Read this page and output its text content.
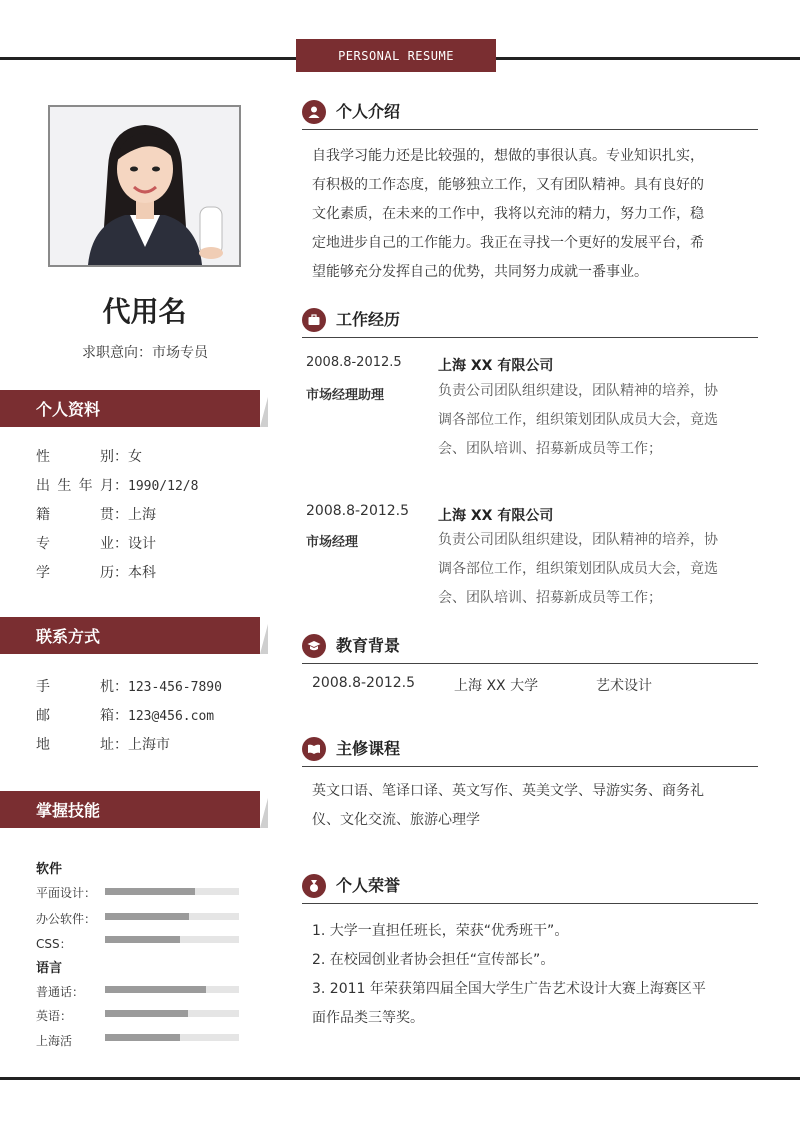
PERSONAL RESUME
代用名
求职意向：市场专员
个人资料
性　别：女
出生年月：1990/12/8
籍　贯：上海
专　业：设计
学　历：本科
联系方式
手　机：123-456-7890
邮　箱：123@456.com
地　址：上海市
掌握技能
软件
平面设计：
办公软件：
CSS：
语言
普通话：
英语：
上海活
个人介绍
自我学习能力还是比较强的，想做的事很认真。专业知识扎实，
有积极的工作态度，能够独立工作，又有团队精神。具有良好的
文化素质，在未来的工作中，我将以充沛的精力，努力工作，稳
定地进步自己的工作能力。我正在寻找一个更好的发展平台，希
望能够充分发挥自己的优势，共同努力成就一番事业。
工作经历
2008.8-2012.5	上海 XX 有限公司
市场经理助理	负责公司团队组织建设，团队精神的培养，协
调各部位工作，组织策划团队成员大会，竟选
会、团队培训、招募新成员等工作；
2008.8-2012.5 上海 XX 有限公司
市场经理	负责公司团队组织建设，团队精神的培养，协
调各部位工作，组织策划团队成员大会，竟选
会、团队培训、招募新成员等工作；
教育背景
2008.8-2012.5	上海 XX 大学	艺术设计
主修课程
英文口语、笔译口译、英文写作、英美文学、导游实务、商务礼
仪、文化交流、旅游心理学
个人荣誉
1. 大学一直担任班长，荣获“优秀班干”。
2. 在校园创业者协会担任“宣传部长”。
3. 2011 年荣获第四届全国大学生广告艺术设计大赛上海赛区平
面作品类三等奖。
